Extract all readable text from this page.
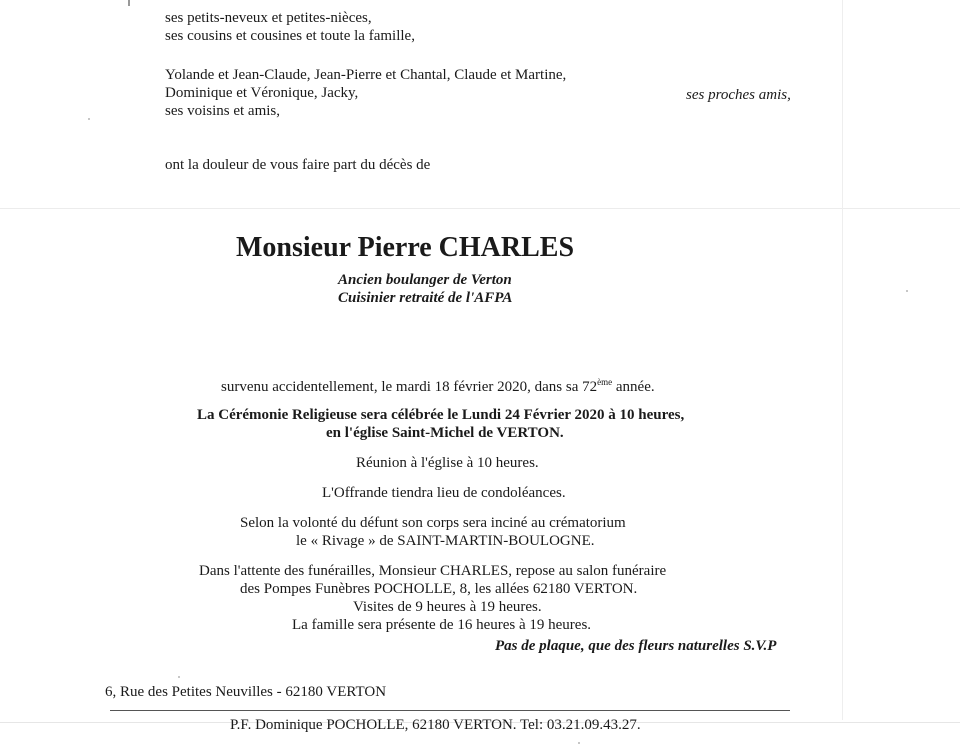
ses petits-neveux et petites-nièces,
ses cousins et cousines et toute la famille,
Yolande et Jean-Claude, Jean-Pierre et Chantal, Claude et Martine,
Dominique et Véronique, Jacky,	ses proches amis,
ses voisins et amis,
ont la douleur de vous faire part du décès de
Monsieur Pierre CHARLES
Ancien boulanger de Verton
Cuisinier retraité de l'AFPA
survenu accidentellement, le mardi 18 février 2020, dans sa 72ème année.
La Cérémonie Religieuse sera célébrée le Lundi 24 Février 2020 à 10 heures,
en l'église Saint-Michel de VERTON.
Réunion à l'église à 10 heures.
L'Offrande tiendra lieu de condoléances.
Selon la volonté du défunt son corps sera inciné au crématorium
le « Rivage » de SAINT-MARTIN-BOULOGNE.
Dans l'attente des funérailles, Monsieur CHARLES, repose au salon funéraire
des Pompes Funèbres POCHOLLE, 8, les allées 62180 VERTON.
Visites de 9 heures à 19 heures.
La famille sera présente de 16 heures à 19 heures.
Pas de plaque, que des fleurs naturelles S.V.P
6, Rue des Petites Neuvilles - 62180 VERTON
P.F. Dominique POCHOLLE, 62180 VERTON. Tel: 03.21.09.43.27.
